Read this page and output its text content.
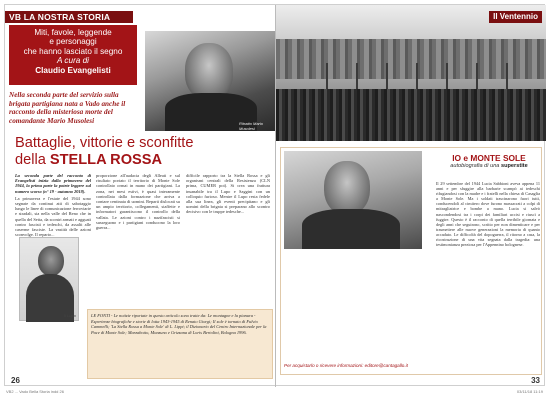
VB LA NOSTRA STORIA
Miti, favole, leggende
e personaggi
che hanno lasciato il segno
A cura di
Claudio Evangelisti
Nella seconda parte del servizio sulla brigata partigiana nata a Vado anche il racconto della misteriosa morte del comandante Mario Musolesi	Ritratto Mario Musolesi
Battaglie, vittorie e sconfitte
della STELLA ROSSA

La seconda parte del racconto di Evangelisti inizia dalla primavera del 1944, la prima parte la potete leggere sul numero scorso (n° 19 - autunno 2018).

La primavera e l'estate del 1944 sono segnate da continui atti di sabotaggio lungo le linee di comunicazione ferroviarie e stradali, sia nella valle del Reno che in quella del Setta, da scontri armati e agguati contro fascisti e tedeschi, da assalti alle caserme fasciste. La vastità delle azioni sconvolge. Il reparto...

proporzione all'audacia degli Alleati e sul risultato portato il territorio di Monte Sole controllato ormai in mano dei partigiani. La zona, nei mesi estivi, è quasi interamente controllata dalla formazione che arriva a contare centinaia di uomini. Reparti dislocati su un ampio territorio, collegamenti, staffette e informatori garantiscono il controllo della vallata. Le azioni contro i nazifascisti si susseguono e i partigiani conducono la loro guerra...
difficile rapporto tra la Stella Rossa e gli organismi centrali della Resistenza (CLN prima, CUMER poi). Si crea una frattura insanabile tra il Lupo e Saggini con un colloquio furioso. Mentre il Lupo resta fedele alla sua linea, gli eventi precipitano e gli uomini della brigata si preparano allo scontro decisivo con le truppe tedesche...
Il Lupo	LE FONTI - Le notizie riportate in questo articolo sono tratte da: Le montagne e la pianura - Esperienze biografiche e storie di lotta 1943-1945 di Renato Giorgi; Il sole è tornato di Fulvio Cammelli; 'La Stella Rossa a Monte Sole' di L. Lippi; il Dizionario del Centro Internazionale per la Pace di Monte Sole; Marzabotto, Monzuno e Grizzana di Loris Bertolini, Bologna 1996.
26
Il Ventennio
IO e MONTE SOLE
autobiografia di una superstite
Il 29 settembre del 1944 Lucia Sabbioni aveva appena 11 anni e per sfuggire alla barbarie scampò ai tedeschi rifugiandosi con la madre e i fratelli nella chiesa di Casaglia a Monte Sole. Ma i soldati trascinarono fuori tutti, conducendoli al cimitero dove furono massacrati a colpi di mitragliatrice e bombe a mano. Lucia si salvò nascondendosi tra i corpi dei familiari uccisi e riuscì a fuggire. Questo è il racconto di quella terribile giornata e degli anni che seguirono, scritto per non dimenticare e per trasmettere alle nuove generazioni la memoria di quanto accaduto. Le difficoltà del dopoguerra, il ritorno a casa, la ricostruzione di una vita segnata dalla tragedia: una testimonianza preziosa per l'Appennino bolognese.
Per acquistarlo o ricevere informazioni: editore@cantagallo.it
33
VB2 ... Vado Bella Storia indd 26	03/11/18 11:19
